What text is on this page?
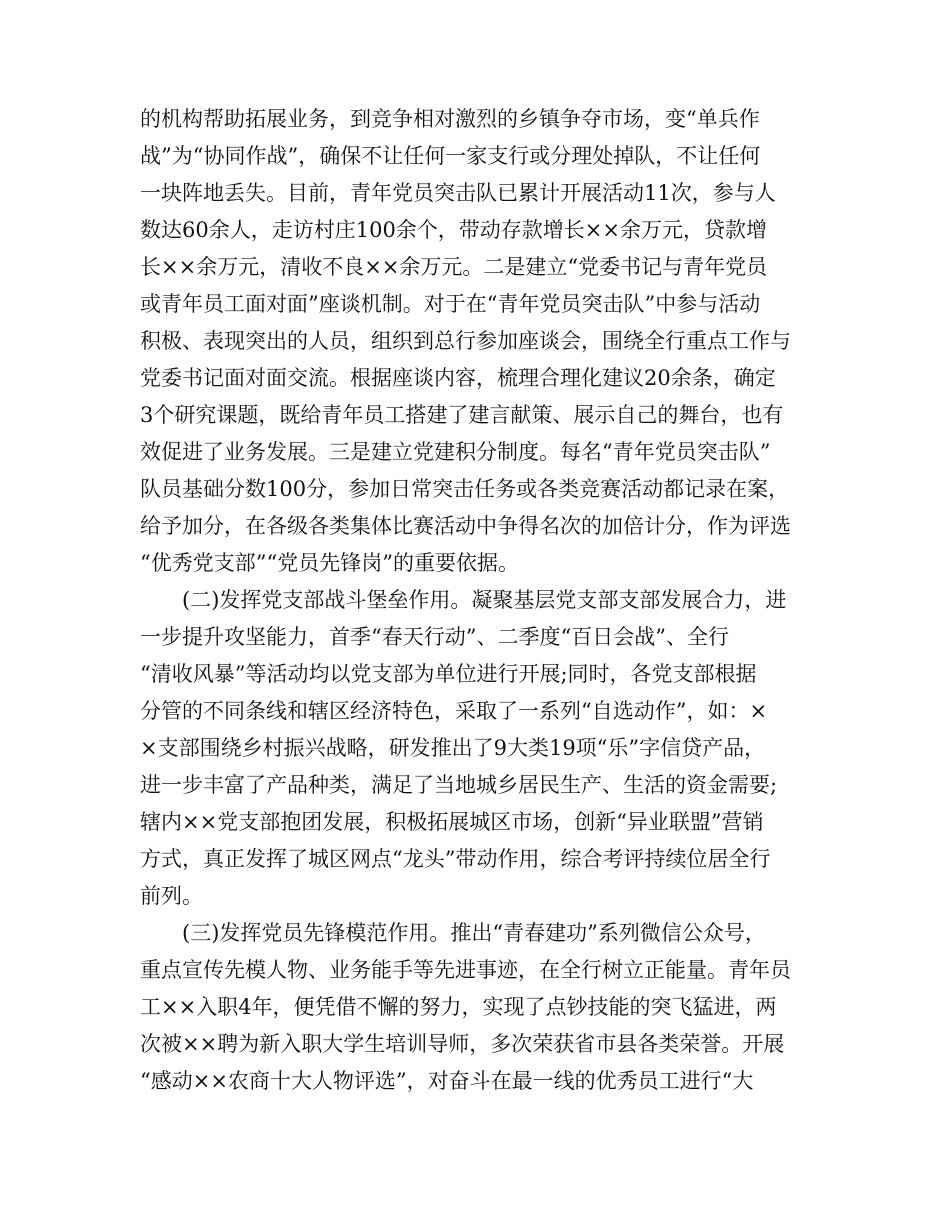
的机构帮助拓展业务，到竞争相对激烈的乡镇争夺市场，变“单兵作
战”为“协同作战”，确保不让任何一家支行或分理处掉队，不让任何
一块阵地丢失。目前，青年党员突击队已累计开展活动11次，参与人
数达60余人，走访村庄100余个，带动存款增长××余万元，贷款增
长××余万元，清收不良××余万元。二是建立“党委书记与青年党员
或青年员工面对面”座谈机制。对于在“青年党员突击队”中参与活动
积极、表现突出的人员，组织到总行参加座谈会，围绕全行重点工作与
党委书记面对面交流。根据座谈内容，梳理合理化建议20余条，确定
3个研究课题，既给青年员工搭建了建言献策、展示自己的舞台，也有
效促进了业务发展。三是建立党建积分制度。每名“青年党员突击队”
队员基础分数100分，参加日常突击任务或各类竞赛活动都记录在案，
给予加分，在各级各类集体比赛活动中争得名次的加倍计分，作为评选
“优秀党支部”“党员先锋岗”的重要依据。
(二)发挥党支部战斗堡垒作用。凝聚基层党支部支部发展合力，进
一步提升攻坚能力，首季“春天行动”、二季度“百日会战”、全行
“清收风暴”等活动均以党支部为单位进行开展;同时，各党支部根据
分管的不同条线和辖区经济特色，采取了一系列“自选动作”，如：×
×支部围绕乡村振兴战略，研发推出了9大类19项“乐”字信贷产品，
进一步丰富了产品种类，满足了当地城乡居民生产、生活的资金需要;
辖内××党支部抱团发展，积极拓展城区市场，创新“异业联盟”营销
方式，真正发挥了城区网点“龙头”带动作用，综合考评持续位居全行
前列。
(三)发挥党员先锋模范作用。推出“青春建功”系列微信公众号，
重点宣传先模人物、业务能手等先进事迹，在全行树立正能量。青年员
工××入职4年，便凭借不懈的努力，实现了点钞技能的突飞猛进，两
次被××聘为新入职大学生培训导师，多次荣获省市县各类荣誉。开展
“感动××农商十大人物评选”，对奋斗在最一线的优秀员工进行“大
